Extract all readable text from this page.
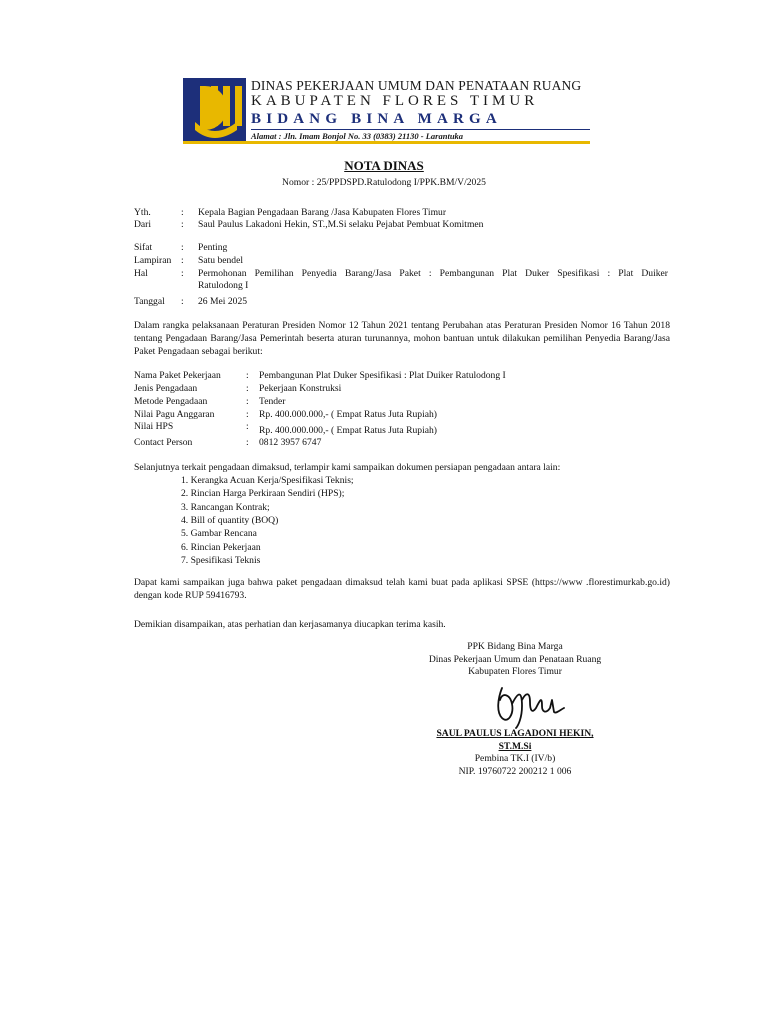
DINAS PEKERJAAN UMUM DAN PENATAAN RUANG
KABUPATEN FLORES TIMUR
BIDANG BINA MARGA
Alamat : Jln. Imam Bonjol No. 33 (0383) 21130 - Larantuka
NOTA DINAS
Nomor : 25/PPDSPD.Ratulodong I/PPK.BM/V/2025
Yth.	: Kepala Bagian Pengadaan Barang /Jasa Kabupaten Flores Timur
Dari	: Saul Paulus Lakadoni Hekin, ST.,M.Si selaku Pejabat Pembuat Komitmen
Sifat	: Penting
Lampiran : Satu bendel
Hal	: Permohonan Pemilihan Penyedia Barang/Jasa Paket : Pembangunan Plat Duker Spesifikasi : Plat Duiker
Ratulodong I
Tanggal : 26 Mei 2025
Dalam rangka pelaksanaan Peraturan Presiden Nomor 12 Tahun 2021 tentang Perubahan atas Peraturan Presiden Nomor 16 Tahun 2018 tentang Pengadaan Barang/Jasa Pemerintah beserta aturan turunannya, mohon bantuan untuk dilakukan pemilihan Penyedia Barang/Jasa Paket Pengadaan sebagai berikut:
Nama Paket Pekerjaan	: Pembangunan Plat Duker Spesifikasi : Plat Duiker Ratulodong I
Jenis Pengadaan	: Pekerjaan Konstruksi
Metode Pengadaan	: Tender
Nilai Pagu Anggaran	: Rp. 400.000.000,- ( Empat Ratus Juta Rupiah)
Nilai HPS	: Rp. 400.000.000,- ( Empat Ratus Juta Rupiah)
Contact Person	: 0812 3957 6747
Selanjutnya terkait pengadaan dimaksud, terlampir kami sampaikan dokumen persiapan pengadaan antara lain:
1. Kerangka Acuan Kerja/Spesifikasi Teknis;
2. Rincian Harga Perkiraan Sendiri (HPS);
3. Rancangan Kontrak;
4. Bill of quantity (BOQ)
5. Gambar Rencana
6. Rincian Pekerjaan
7. Spesifikasi Teknis
Dapat kami sampaikan juga bahwa paket pengadaan dimaksud telah kami buat pada aplikasi SPSE (https://www .florestimurkab.go.id) dengan kode RUP 59416793.
Demikian disampaikan, atas perhatian dan kerjasamanya diucapkan terima kasih.
PPK Bidang Bina Marga
Dinas Pekerjaan Umum dan Penataan Ruang
Kabupaten Flores Timur
SAUL PAULUS LAGADONI HEKIN, ST.M.Si
Pembina TK.I (IV/b)
NIP. 19760722 200212 1 006
